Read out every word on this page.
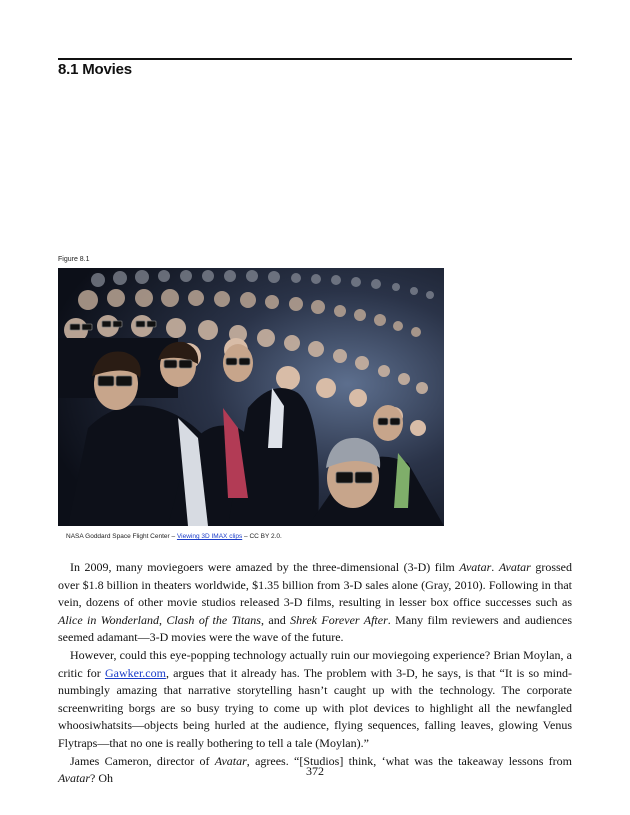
8.1 Movies
Figure 8.1
NASA Goddard Space Flight Center – Viewing 3D IMAX clips – CC BY 2.0.

In 2009, many moviegoers were amazed by the three-dimensional (3-D) film Avatar. Avatar grossed over $1.8 billion in theaters worldwide, $1.35 billion from 3-D sales alone (Gray, 2010). Following in that vein, dozens of other movie studios released 3-D films, resulting in lesser box office successes such as Alice in Wonderland, Clash of the Titans, and Shrek Forever After. Many film reviewers and audiences seemed adamant—3-D movies were the wave of the future.

However, could this eye-popping technology actually ruin our moviegoing experience? Brian Moylan, a critic for Gawker.com, argues that it already has. The problem with 3-D, he says, is that “It is so mind-numbingly amazing that narrative storytelling hasn’t caught up with the technology. The corporate screenwriting borgs are so busy trying to come up with plot devices to highlight all the newfangled whoosiwhatsits—objects being hurled at the audience, flying sequences, falling leaves, glowing Venus Flytraps—that no one is really bothering to tell a tale (Moylan).”

James Cameron, director of Avatar, agrees. “[Studios] think, ‘what was the takeaway lessons from Avatar? Oh

372
